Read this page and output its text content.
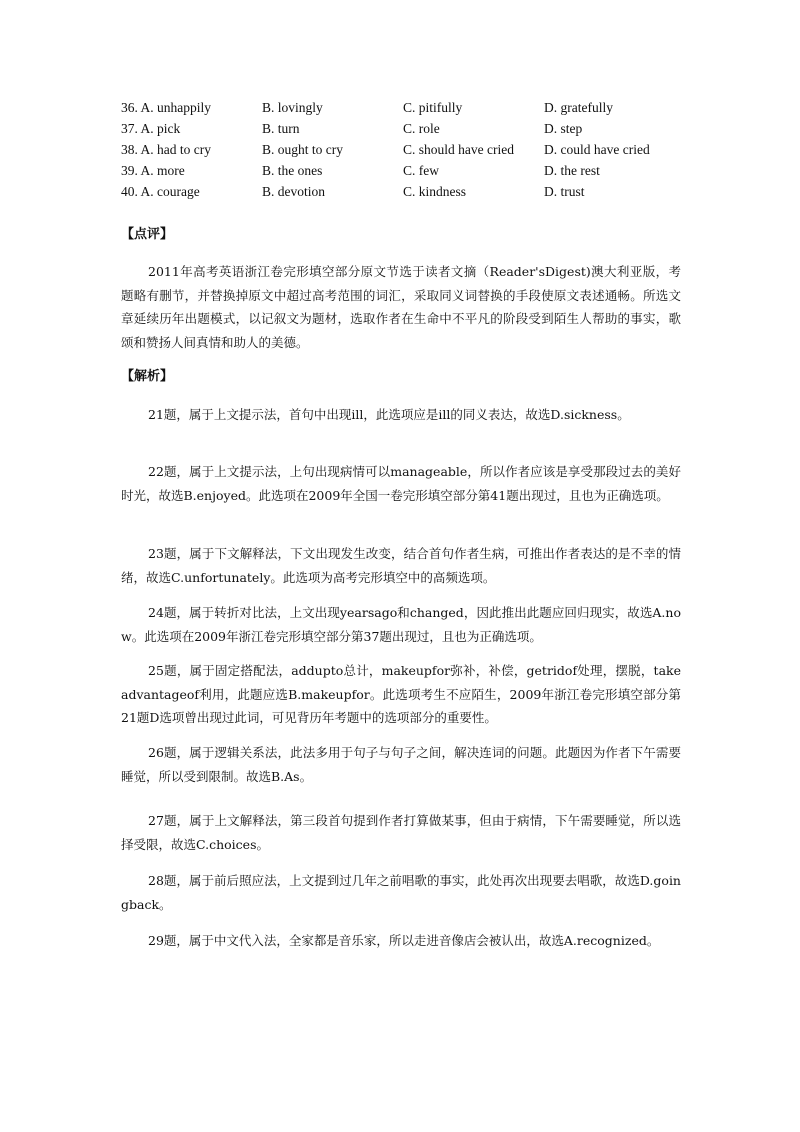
36. A. unhappily	B. lovingly	C. pitifully	D. gratefully
37. A. pick	B. turn	C. role	D. step
38. A. had to cry	B. ought to cry	C. should have cried	D. could have cried
39. A. more	B. the ones	C. few	D. the rest
40. A. courage	B. devotion	C. kindness	D. trust
【点评】
2011年高考英语浙江卷完形填空部分原文节选于读者文摘（Reader'sDigest)澳大利亚版，考题略有删节，并替换掉原文中超过高考范围的词汇，采取同义词替换的手段使原文表述通畅。所选文章延续历年出题模式，以记叙文为题材，选取作者在生命中不平凡的阶段受到陌生人帮助的事实，歌颂和赞扬人间真情和助人的美德。
【解析】
21题，属于上文提示法，首句中出现ill，此选项应是ill的同义表达，故选D.sickness。
22题，属于上文提示法，上句出现病情可以manageable，所以作者应该是享受那段过去的美好时光，故选B.enjoyed。此选项在2009年全国一卷完形填空部分第41题出现过，且也为正确选项。
23题，属于下文解释法，下文出现发生改变，结合首句作者生病，可推出作者表达的是不幸的情绪，故选C.unfortunately。此选项为高考完形填空中的高频选项。
24题，属于转折对比法，上文出现yearsago和changed，因此推出此题应回归现实，故选A.now。此选项在2009年浙江卷完形填空部分第37题出现过，且也为正确选项。
25题，属于固定搭配法，addupto总计，makeupfor弥补，补偿，getridof处理，摆脱，takeadvantageof利用，此题应选B.makeupfor。此选项考生不应陌生，2009年浙江卷完形填空部分第21题D选项曾出现过此词，可见背历年考题中的选项部分的重要性。
26题，属于逻辑关系法，此法多用于句子与句子之间，解决连词的问题。此题因为作者下午需要睡觉，所以受到限制。故选B.As。
27题，属于上文解释法，第三段首句提到作者打算做某事，但由于病情，下午需要睡觉，所以选择受限，故选C.choices。
28题，属于前后照应法，上文提到过几年之前唱歌的事实，此处再次出现要去唱歌，故选D.goingback。
29题，属于中文代入法，全家都是音乐家，所以走进音像店会被认出，故选A.recognized。
